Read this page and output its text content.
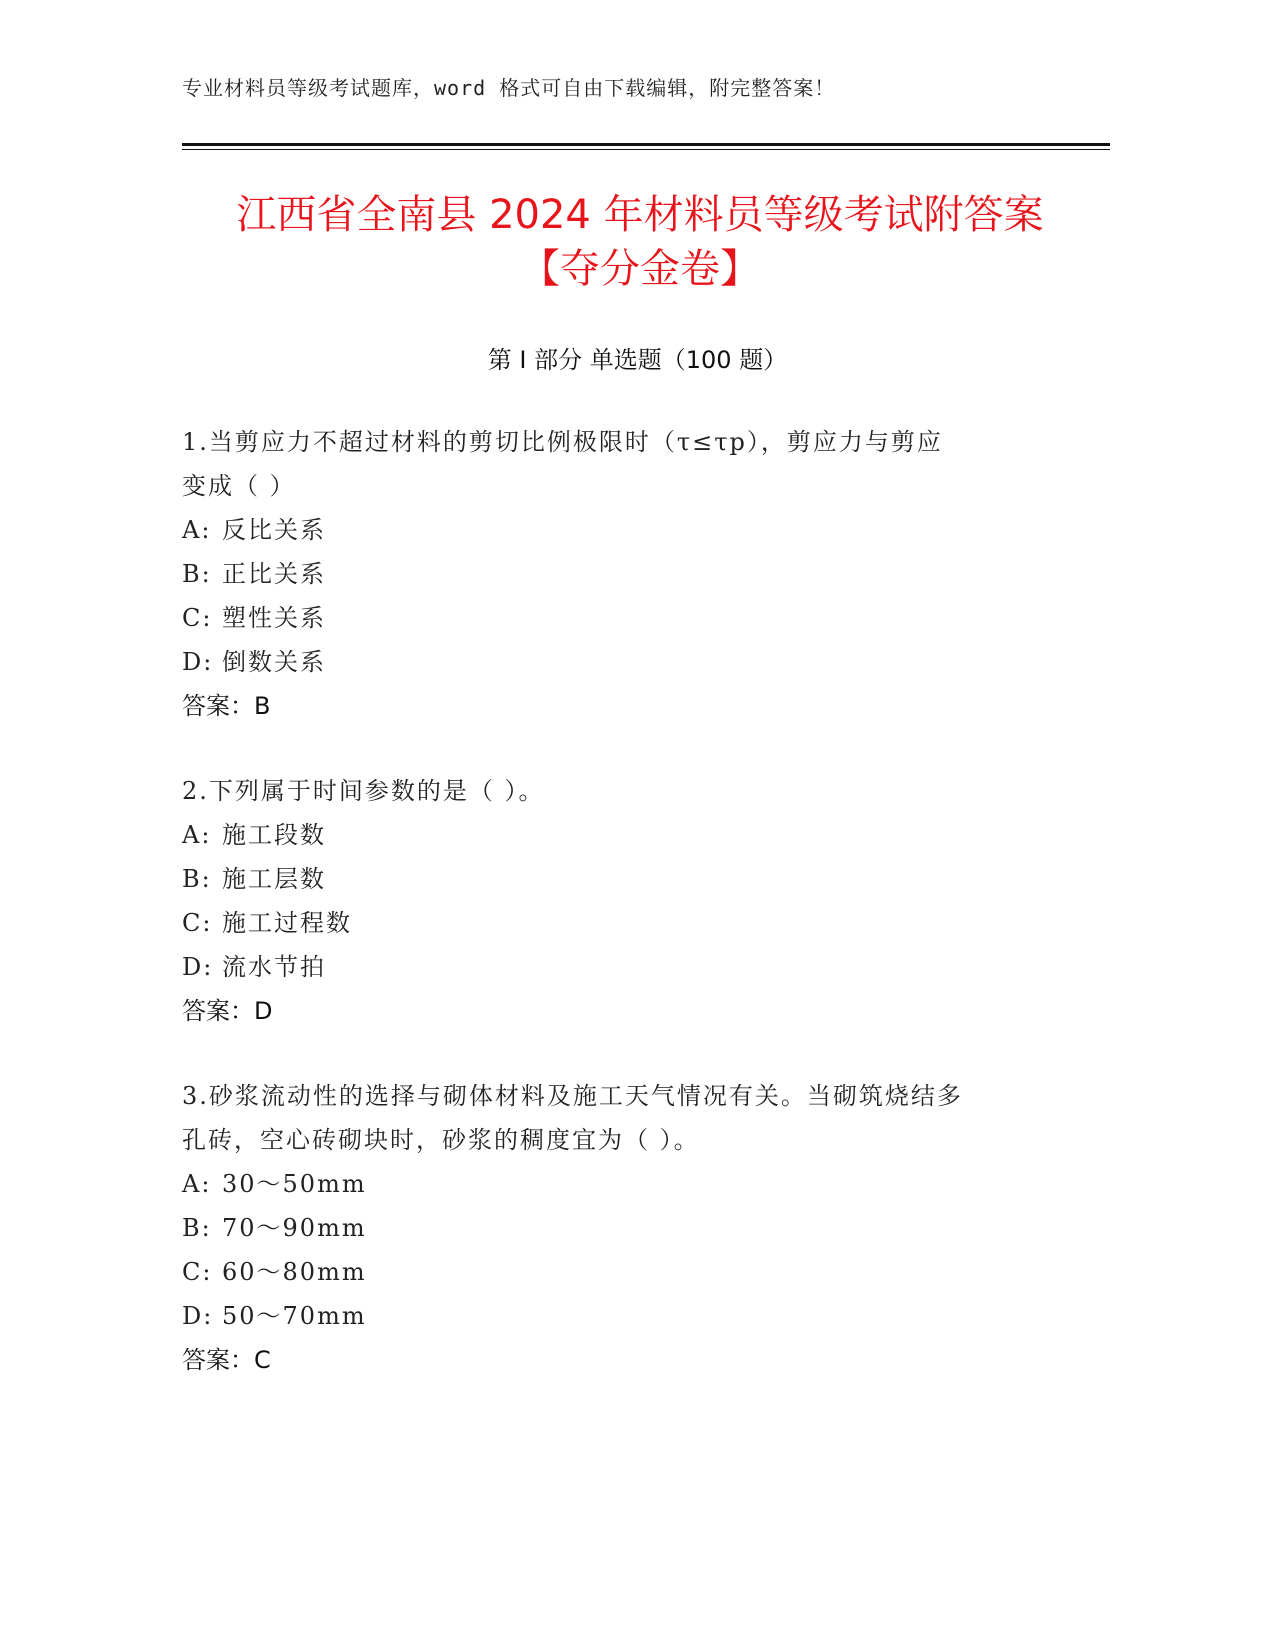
专业材料员等级考试题库，word 格式可自由下载编辑，附完整答案！
江西省全南县 2024 年材料员等级考试附答案
【夺分金卷】
第 I 部分 单选题（100 题）
1.当剪应力不超过材料的剪切比例极限时（τ≤τp），剪应力与剪应
变成（ ）
A: 反比关系
B: 正比关系
C: 塑性关系
D: 倒数关系
答案：B
2.下列属于时间参数的是（ ）。
A: 施工段数
B: 施工层数
C: 施工过程数
D: 流水节拍
答案：D
3.砂浆流动性的选择与砌体材料及施工天气情况有关。当砌筑烧结多
孔砖，空心砖砌块时，砂浆的稠度宜为（ ）。
A: 30～50mm
B: 70～90mm
C: 60～80mm
D: 50～70mm
答案：C
